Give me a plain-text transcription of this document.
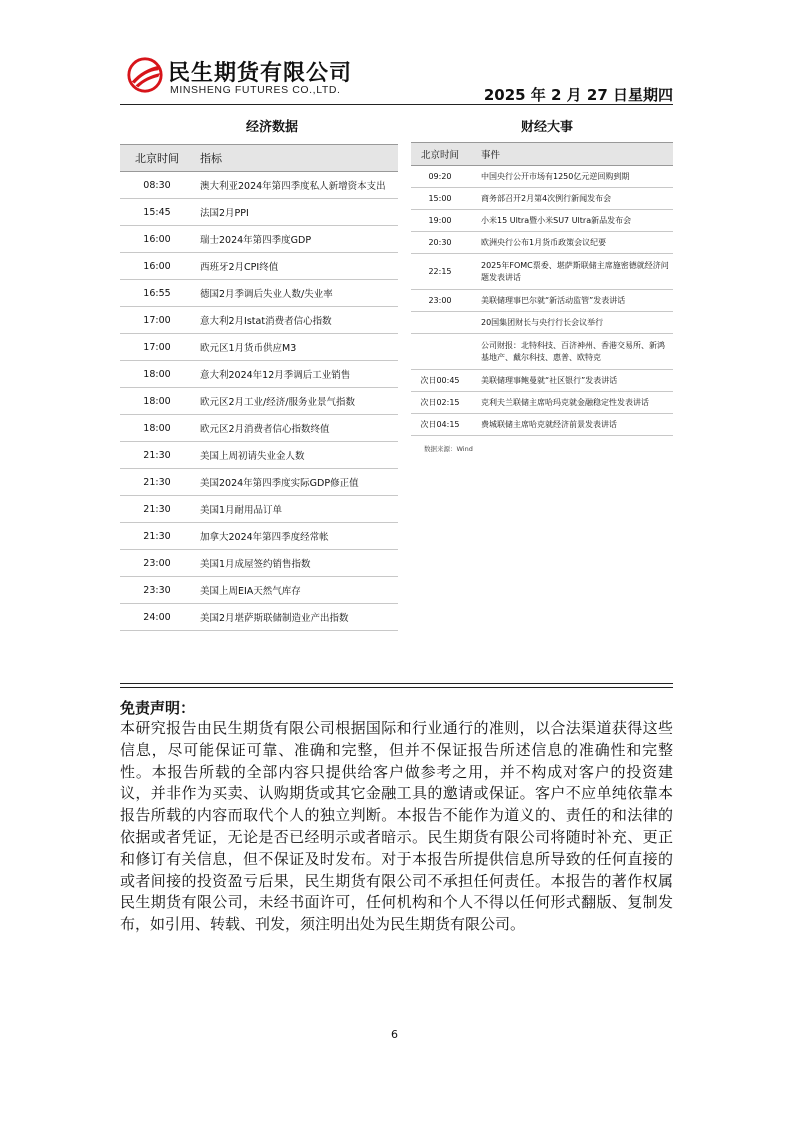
民生期货有限公司
MINSHENG FUTURES CO.,LTD.	2025 年 2 月 27 日星期四
经济数据	财经大事
北京时间	指标
08:30	澳大利亚2024年第四季度私人新增资本支出
15:45	法国2月PPI
16:00	瑞士2024年第四季度GDP
16:00	西班牙2月CPI终值
16:55	德国2月季调后失业人数/失业率
17:00	意大利2月Istat消费者信心指数
17:00	欧元区1月货币供应M3
18:00	意大利2024年12月季调后工业销售
18:00	欧元区2月工业/经济/服务业景气指数
18:00	欧元区2月消费者信心指数终值
21:30	美国上周初请失业金人数
21:30	美国2024年第四季度实际GDP修正值
21:30	美国1月耐用品订单
21:30	加拿大2024年第四季度经常帐
23:00	美国1月成屋签约销售指数
23:30	美国上周EIA天然气库存
24:00	美国2月堪萨斯联储制造业产出指数
北京时间	事件
09:20	中国央行公开市场有1250亿元逆回购到期
15:00	商务部召开2月第4次例行新闻发布会
19:00	小米15 Ultra暨小米SU7 Ultra新品发布会
20:30	欧洲央行公布1月货币政策会议纪要
22:15	2025年FOMC票委、堪萨斯联储主席施密德就经济问题发表讲话
23:00	美联储理事巴尔就“新活动监管”发表讲话
	20国集团财长与央行行长会议举行
	公司财报：北特科技、百济神州、香港交易所、新鸿基地产、戴尔科技、惠普、欧特克
次日00:45	美联储理事鲍曼就“社区银行”发表讲话
次日02:15	克利夫兰联储主席哈玛克就金融稳定性发表讲话
次日04:15	费城联储主席哈克就经济前景发表讲话
数据来源：Wind
免责声明：
本研究报告由民生期货有限公司根据国际和行业通行的准则，以合法渠道获得这些信息，尽可能保证可靠、准确和完整，但并不保证报告所述信息的准确性和完整性。本报告所载的全部内容只提供给客户做参考之用，并不构成对客户的投资建议，并非作为买卖、认购期货或其它金融工具的邀请或保证。客户不应单纯依靠本报告所载的内容而取代个人的独立判断。本报告不能作为道义的、责任的和法律的依据或者凭证，无论是否已经明示或者暗示。民生期货有限公司将随时补充、更正和修订有关信息，但不保证及时发布。对于本报告所提供信息所导致的任何直接的或者间接的投资盈亏后果，民生期货有限公司不承担任何责任。本报告的著作权属民生期货有限公司，未经书面许可，任何机构和个人不得以任何形式翻版、复制发布，如引用、转载、刊发，须注明出处为民生期货有限公司。
6
